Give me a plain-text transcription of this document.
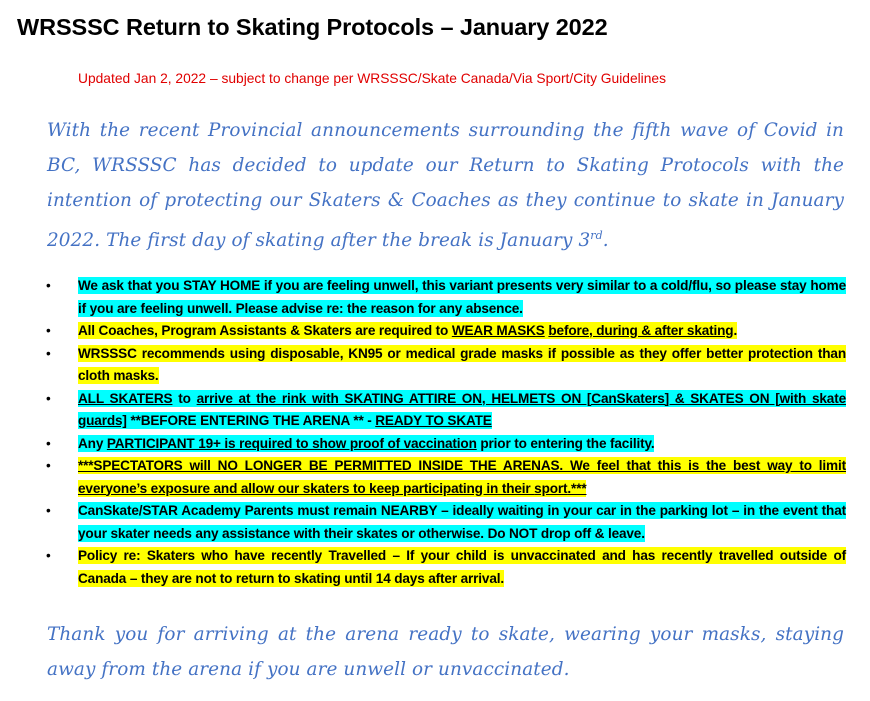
WRSSSC Return to Skating Protocols – January 2022
Updated Jan 2, 2022 – subject to change per WRSSSC/Skate Canada/Via Sport/City Guidelines
With the recent Provincial announcements surrounding the fifth wave of Covid in BC, WRSSSC has decided to update our Return to Skating Protocols with the intention of protecting our Skaters & Coaches as they continue to skate in January 2022. The first day of skating after the break is January 3rd.
• We ask that you STAY HOME if you are feeling unwell, this variant presents very similar to a cold/flu, so please stay home if you are feeling unwell. Please advise re: the reason for any absence.
• All Coaches, Program Assistants & Skaters are required to WEAR MASKS before, during & after skating.
• WRSSSC recommends using disposable, KN95 or medical grade masks if possible as they offer better protection than cloth masks.
• ALL SKATERS to arrive at the rink with SKATING ATTIRE ON, HELMETS ON [CanSkaters] & SKATES ON [with skate guards] **BEFORE ENTERING THE ARENA ** - READY TO SKATE
• Any PARTICIPANT 19+ is required to show proof of vaccination prior to entering the facility.
• ***SPECTATORS will NO LONGER BE PERMITTED INSIDE THE ARENAS. We feel that this is the best way to limit everyone’s exposure and allow our skaters to keep participating in their sport.***
• CanSkate/STAR Academy Parents must remain NEARBY – ideally waiting in your car in the parking lot – in the event that your skater needs any assistance with their skates or otherwise. Do NOT drop off & leave.
• Policy re: Skaters who have recently Travelled – If your child is unvaccinated and has recently travelled outside of Canada – they are not to return to skating until 14 days after arrival.
Thank you for arriving at the arena ready to skate, wearing your masks, staying away from the arena if you are unwell or unvaccinated.
